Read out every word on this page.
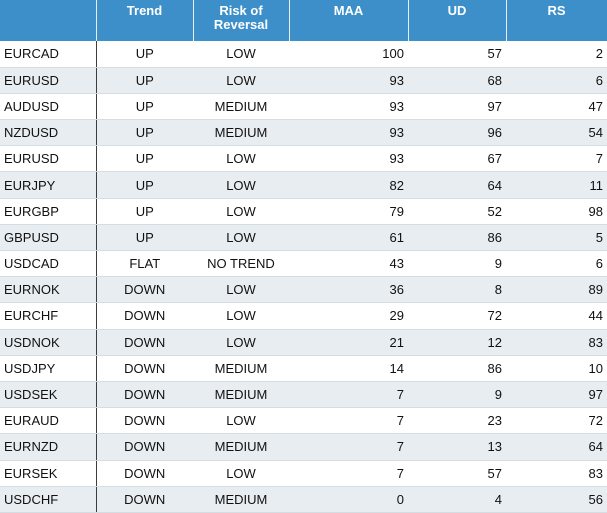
	Trend	Risk of
Reversal	MAA	UD	RS
EURCAD	UP	LOW	100	57	2
EURUSD	UP	LOW	93	68	6
AUDUSD	UP	MEDIUM	93	97	47
NZDUSD	UP	MEDIUM	93	96	54
EURUSD	UP	LOW	93	67	7
EURJPY	UP	LOW	82	64	11
EURGBP	UP	LOW	79	52	98
GBPUSD	UP	LOW	61	86	5
USDCAD	FLAT	NO TREND	43	9	6
EURNOK	DOWN	LOW	36	8	89
EURCHF	DOWN	LOW	29	72	44
USDNOK	DOWN	LOW	21	12	83
USDJPY	DOWN	MEDIUM	14	86	10
USDSEK	DOWN	MEDIUM	7	9	97
EURAUD	DOWN	LOW	7	23	72
EURNZD	DOWN	MEDIUM	7	13	64
EURSEK	DOWN	LOW	7	57	83
USDCHF	DOWN	MEDIUM	0	4	56
